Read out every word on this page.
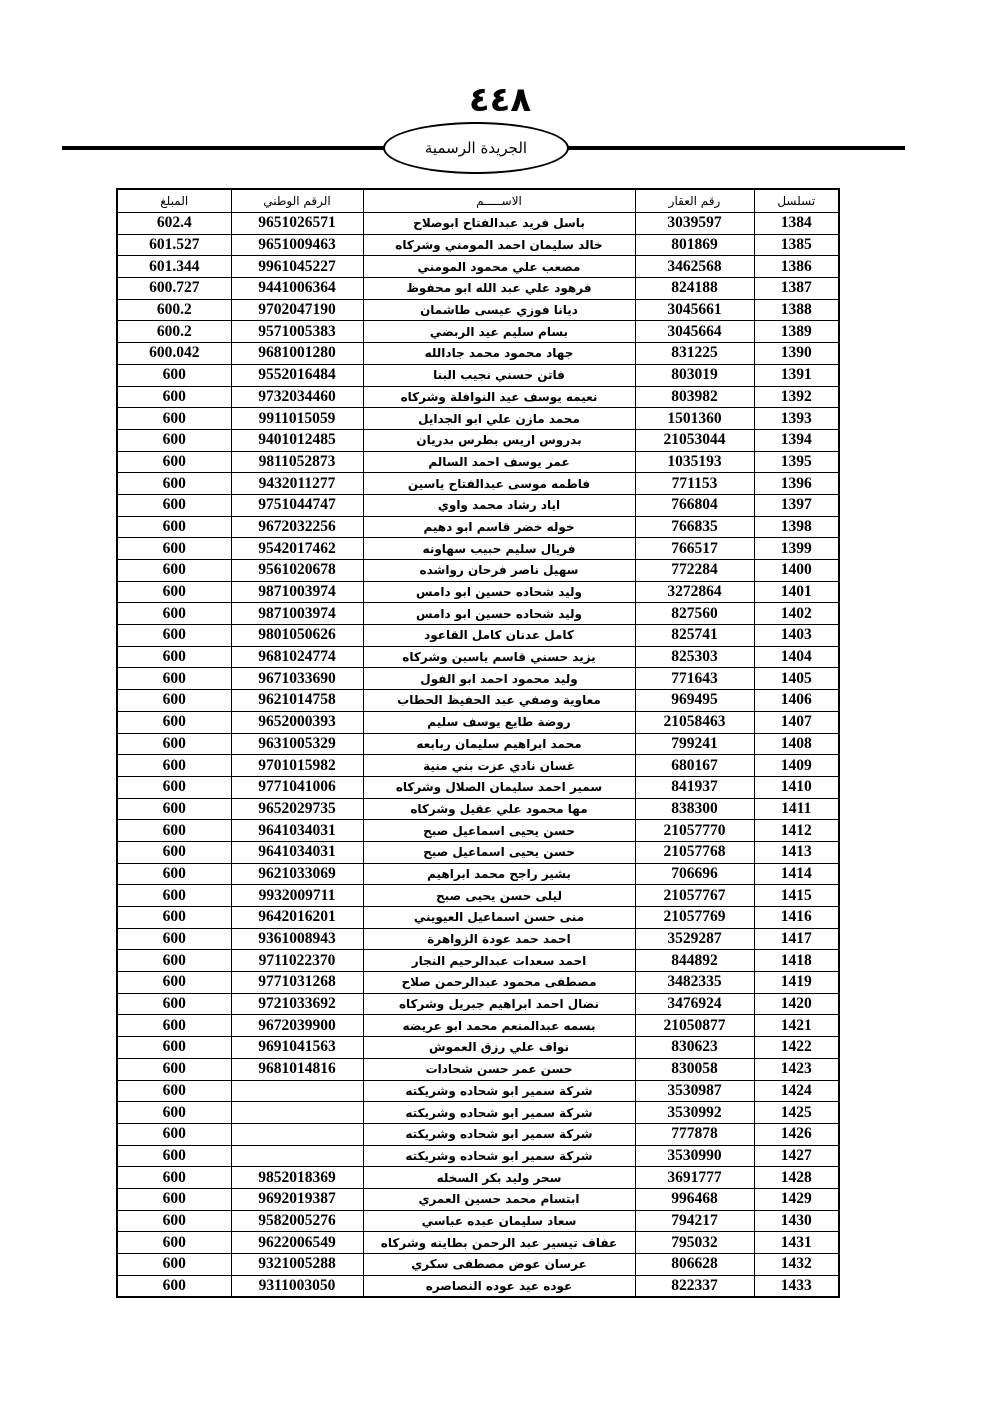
٤٤٨
الجريدة الرسمية
تسلسل	رقم العقار	الاســـــم	الرقم الوطني	المبلغ
1384	3039597	باسل فريد عبدالفتاح ابوصلاح	9651026571	602.4
1385	801869	خالد سليمان احمد المومني وشركاه	9651009463	601.527
1386	3462568	مصعب علي محمود المومني	9961045227	601.344
1387	824188	فرهود علي عبد الله ابو محفوظ	9441006364	600.727
1388	3045661	ديانا فوزي عيسى طاشمان	9702047190	600.2
1389	3045664	بسام سليم عيد الربضي	9571005383	600.2
1390	831225	جهاد محمود محمد جادالله	9681001280	600.042
1391	803019	فاتن حسني نجيب البنا	9552016484	600
1392	803982	نعيمه يوسف عيد النوافلة وشركاه	9732034460	600
1393	1501360	محمد مازن علي ابو الجدايل	9911015059	600
1394	21053044	بدروس اريس بطرس بدريان	9401012485	600
1395	1035193	عمر يوسف احمد السالم	9811052873	600
1396	771153	فاطمه موسى عبدالفتاح ياسين	9432011277	600
1397	766804	اياد رشاد محمد واوي	9751044747	600
1398	766835	خوله خضر قاسم ابو دهيم	9672032256	600
1399	766517	فريال سليم حبيب سهاونه	9542017462	600
1400	772284	سهيل ناصر فرحان رواشده	9561020678	600
1401	3272864	وليد شحاده حسين ابو دامس	9871003974	600
1402	827560	وليد شحاده حسين ابو دامس	9871003974	600
1403	825741	كامل عدنان كامل القاعود	9801050626	600
1404	825303	يزيد حسني قاسم ياسين وشركاه	9681024774	600
1405	771643	وليد محمود احمد ابو الفول	9671033690	600
1406	969495	معاوية وصفي عبد الحفيظ الحطاب	9621014758	600
1407	21058463	روضة طايع يوسف سليم	9652000393	600
1408	799241	محمد ابراهيم سليمان ربابعه	9631005329	600
1409	680167	غسان نادي عزت بني منية	9701015982	600
1410	841937	سمير احمد سليمان الصلال وشركاه	9771041006	600
1411	838300	مها محمود علي عقيل وشركاه	9652029735	600
1412	21057770	حسن يحيى اسماعيل صبح	9641034031	600
1413	21057768	حسن يحيى اسماعيل صبح	9641034031	600
1414	706696	بشير راجح محمد ابراهيم	9621033069	600
1415	21057767	ليلى حسن يحيى صبح	9932009711	600
1416	21057769	منى حسن اسماعيل العيويني	9642016201	600
1417	3529287	احمد حمد عودة الزواهرة	9361008943	600
1418	844892	احمد سعدات عبدالرحيم النجار	9711022370	600
1419	3482335	مصطفى محمود عبدالرحمن صلاح	9771031268	600
1420	3476924	نضال احمد ابراهيم جبريل وشركاه	9721033692	600
1421	21050877	بسمه عبدالمنعم محمد ابو عريضه	9672039900	600
1422	830623	نواف علي رزق العموش	9691041563	600
1423	830058	حسن عمر حسن شحادات	9681014816	600
1424	3530987	شركة سمير ابو شحاده وشريكته		600
1425	3530992	شركة سمير ابو شحاده وشريكته		600
1426	777878	شركة سمير ابو شحاده وشريكته		600
1427	3530990	شركة سمير ابو شحاده وشريكته		600
1428	3691777	سحر وليد بكر السخله	9852018369	600
1429	996468	ابتسام محمد حسين العمري	9692019387	600
1430	794217	سعاد سليمان عبده عباسي	9582005276	600
1431	795032	عفاف تيسير عبد الرحمن بطاينه وشركاه	9622006549	600
1432	806628	عرسان عوض مصطفى سكري	9321005288	600
1433	822337	عوده عيد عوده النصاصره	9311003050	600
